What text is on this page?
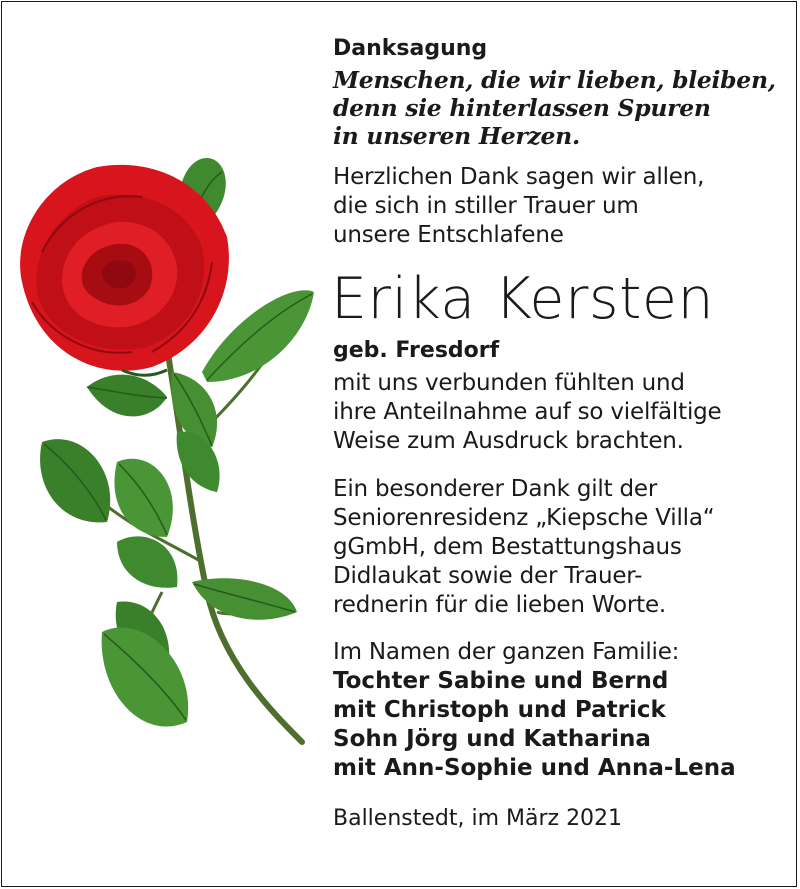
Danksagung
Menschen, die wir lieben, bleiben,
denn sie hinterlassen Spuren
in unseren Herzen.
Herzlichen Dank sagen wir allen,
die sich in stiller Trauer um
unsere Entschlafene
Erika Kersten
geb. Fresdorf
mit uns verbunden fühlten und
ihre Anteilnahme auf so vielfältige
Weise zum Ausdruck brachten.
Ein besonderer Dank gilt der
Seniorenresidenz „Kiepsche Villa“
gGmbH, dem Bestattungshaus
Didlaukat sowie der Trauer-
rednerin für die lieben Worte.
Im Namen der ganzen Familie:
Tochter Sabine und Bernd
mit Christoph und Patrick
Sohn Jörg und Katharina
mit Ann-Sophie und Anna-Lena
Ballenstedt, im März 2021
